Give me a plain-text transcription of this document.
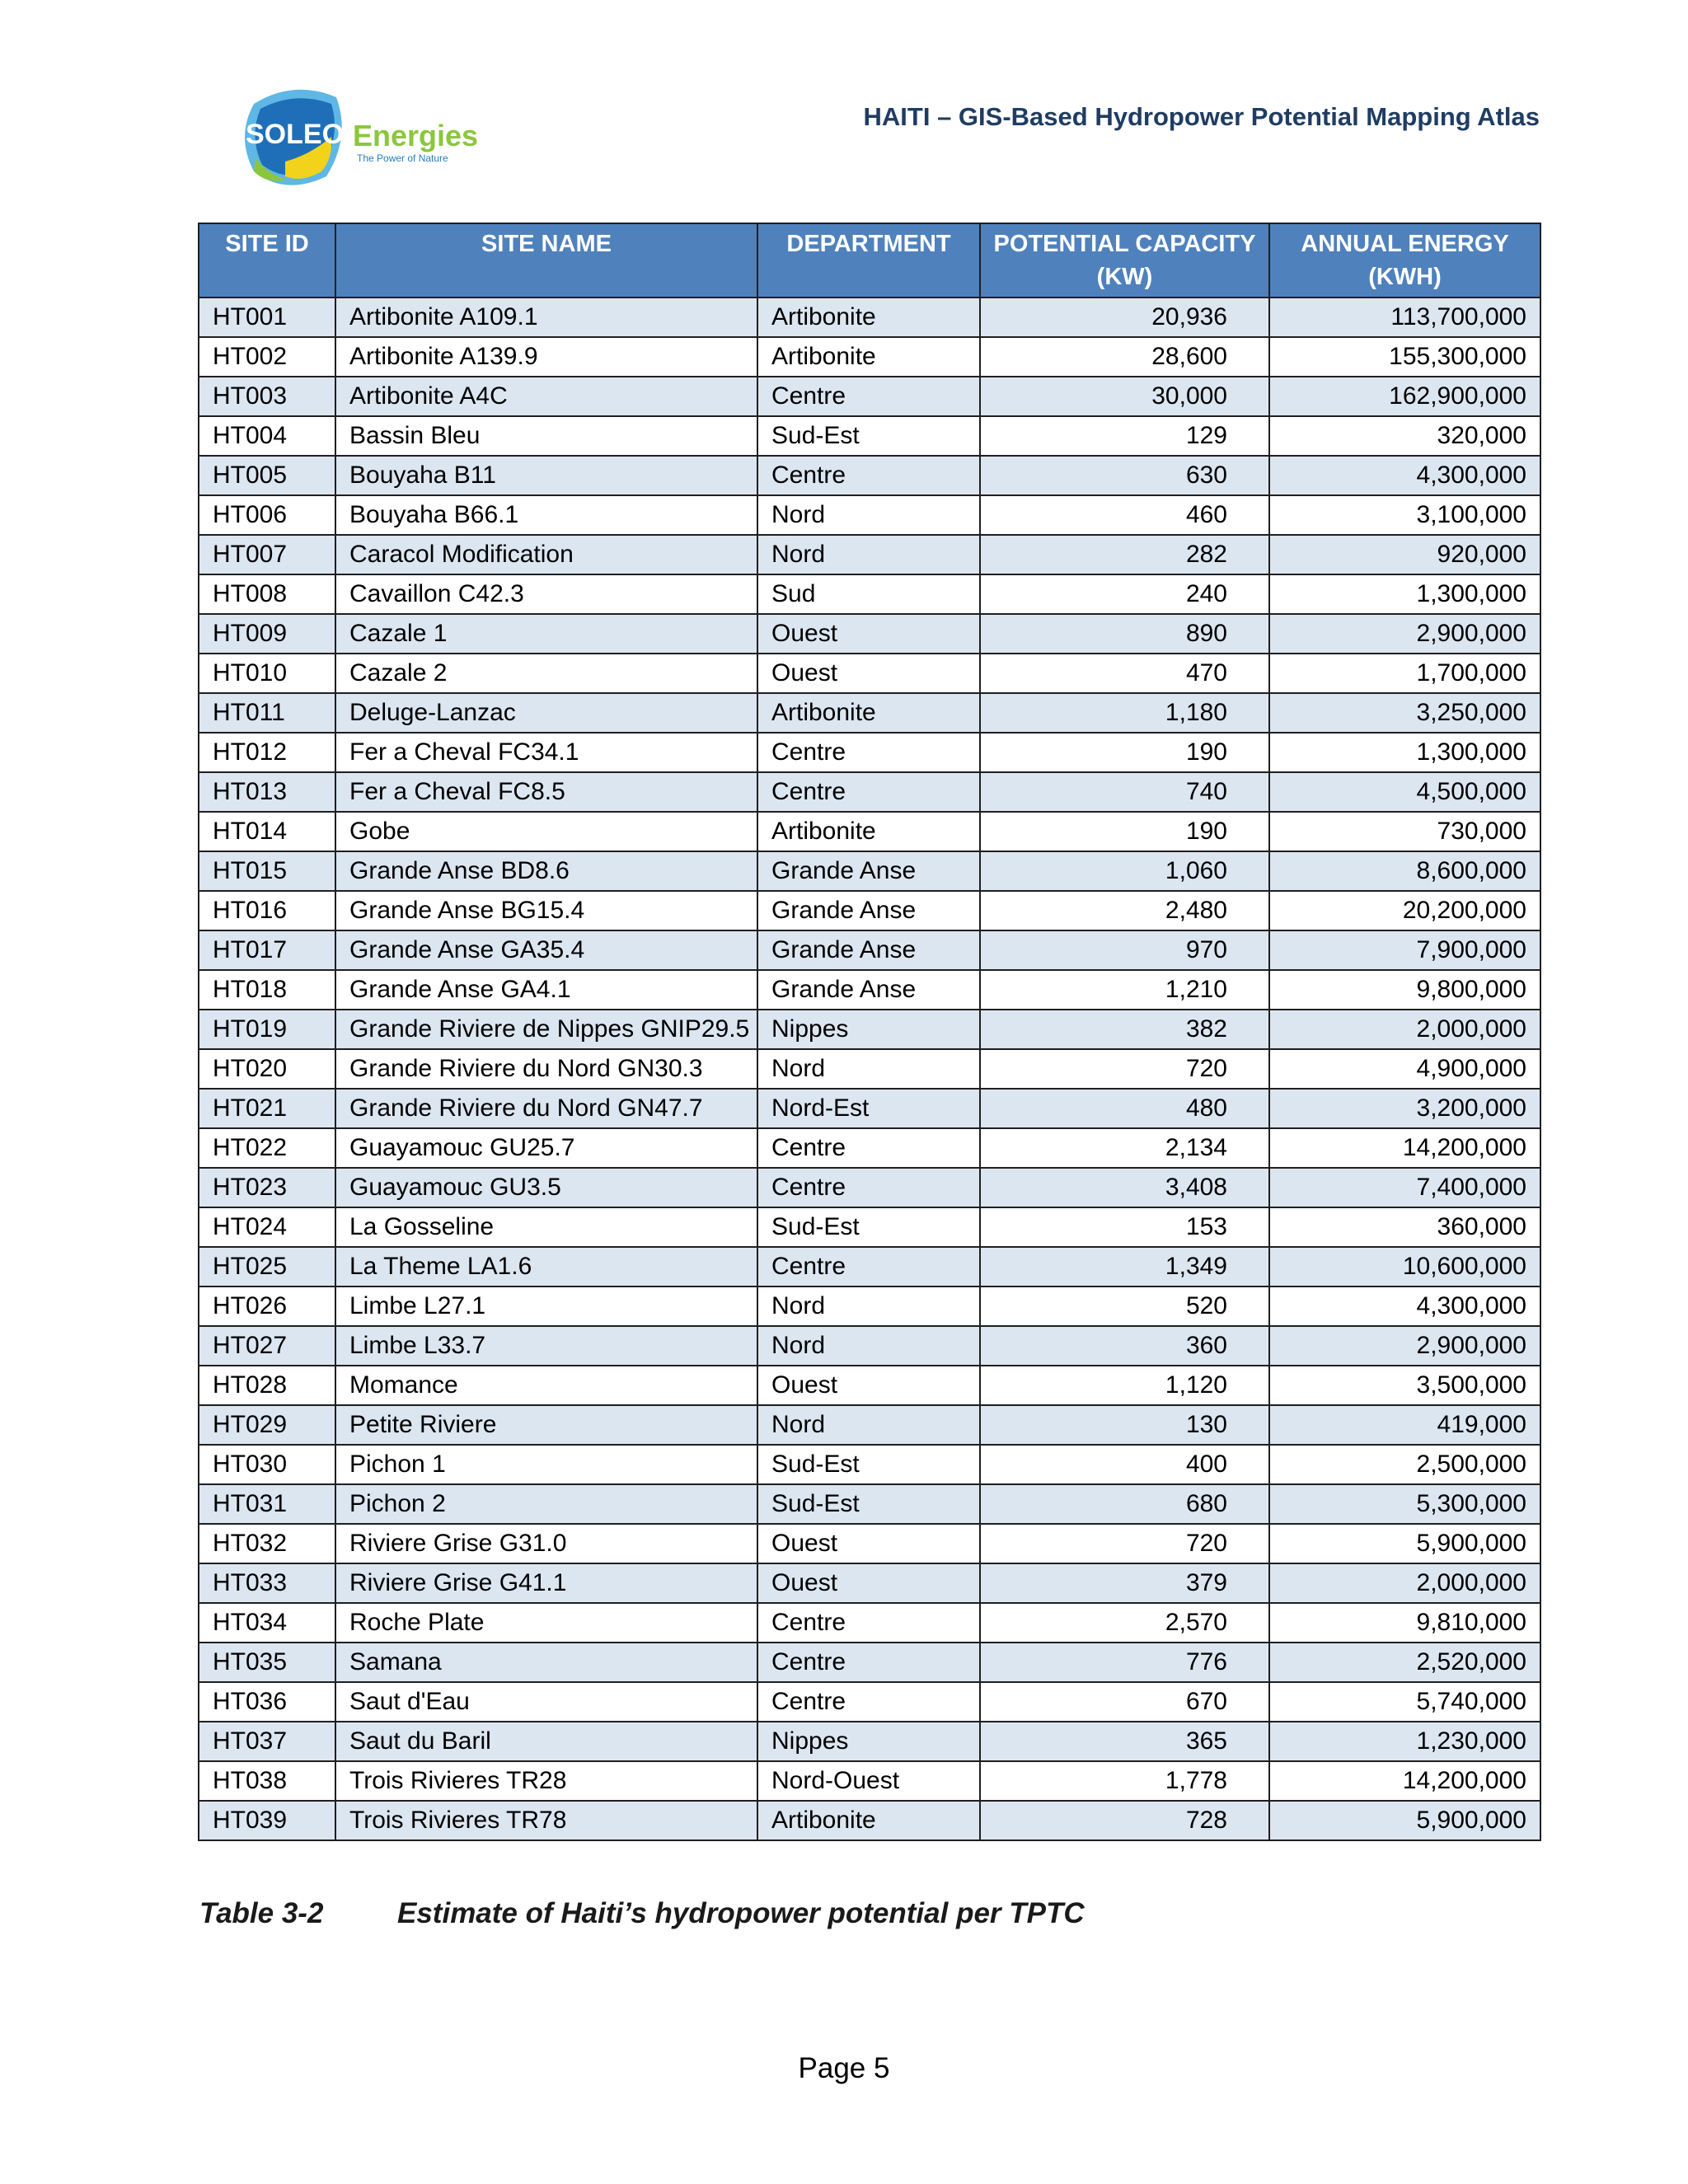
SOLEO Energies
The Power of Nature
HAITI – GIS-Based Hydropower Potential Mapping Atlas
SITE ID	SITE NAME	DEPARTMENT	POTENTIAL CAPACITY (KW)	ANNUAL ENERGY (KWH)
HT001	Artibonite A109.1	Artibonite	20,936	113,700,000
HT002	Artibonite A139.9	Artibonite	28,600	155,300,000
HT003	Artibonite A4C	Centre	30,000	162,900,000
HT004	Bassin Bleu	Sud-Est	129	320,000
HT005	Bouyaha B11	Centre	630	4,300,000
HT006	Bouyaha B66.1	Nord	460	3,100,000
HT007	Caracol Modification	Nord	282	920,000
HT008	Cavaillon C42.3	Sud	240	1,300,000
HT009	Cazale 1	Ouest	890	2,900,000
HT010	Cazale 2	Ouest	470	1,700,000
HT011	Deluge-Lanzac	Artibonite	1,180	3,250,000
HT012	Fer a Cheval FC34.1	Centre	190	1,300,000
HT013	Fer a Cheval FC8.5	Centre	740	4,500,000
HT014	Gobe	Artibonite	190	730,000
HT015	Grande Anse BD8.6	Grande Anse	1,060	8,600,000
HT016	Grande Anse BG15.4	Grande Anse	2,480	20,200,000
HT017	Grande Anse GA35.4	Grande Anse	970	7,900,000
HT018	Grande Anse GA4.1	Grande Anse	1,210	9,800,000
HT019	Grande Riviere de Nippes GNIP29.5	Nippes	382	2,000,000
HT020	Grande Riviere du Nord GN30.3	Nord	720	4,900,000
HT021	Grande Riviere du Nord GN47.7	Nord-Est	480	3,200,000
HT022	Guayamouc GU25.7	Centre	2,134	14,200,000
HT023	Guayamouc GU3.5	Centre	3,408	7,400,000
HT024	La Gosseline	Sud-Est	153	360,000
HT025	La Theme LA1.6	Centre	1,349	10,600,000
HT026	Limbe L27.1	Nord	520	4,300,000
HT027	Limbe L33.7	Nord	360	2,900,000
HT028	Momance	Ouest	1,120	3,500,000
HT029	Petite Riviere	Nord	130	419,000
HT030	Pichon 1	Sud-Est	400	2,500,000
HT031	Pichon 2	Sud-Est	680	5,300,000
HT032	Riviere Grise G31.0	Ouest	720	5,900,000
HT033	Riviere Grise G41.1	Ouest	379	2,000,000
HT034	Roche Plate	Centre	2,570	9,810,000
HT035	Samana	Centre	776	2,520,000
HT036	Saut d'Eau	Centre	670	5,740,000
HT037	Saut du Baril	Nippes	365	1,230,000
HT038	Trois Rivieres TR28	Nord-Ouest	1,778	14,200,000
HT039	Trois Rivieres TR78	Artibonite	728	5,900,000
Table 3-2	Estimate of Haiti’s hydropower potential per TPTC
Page 5
